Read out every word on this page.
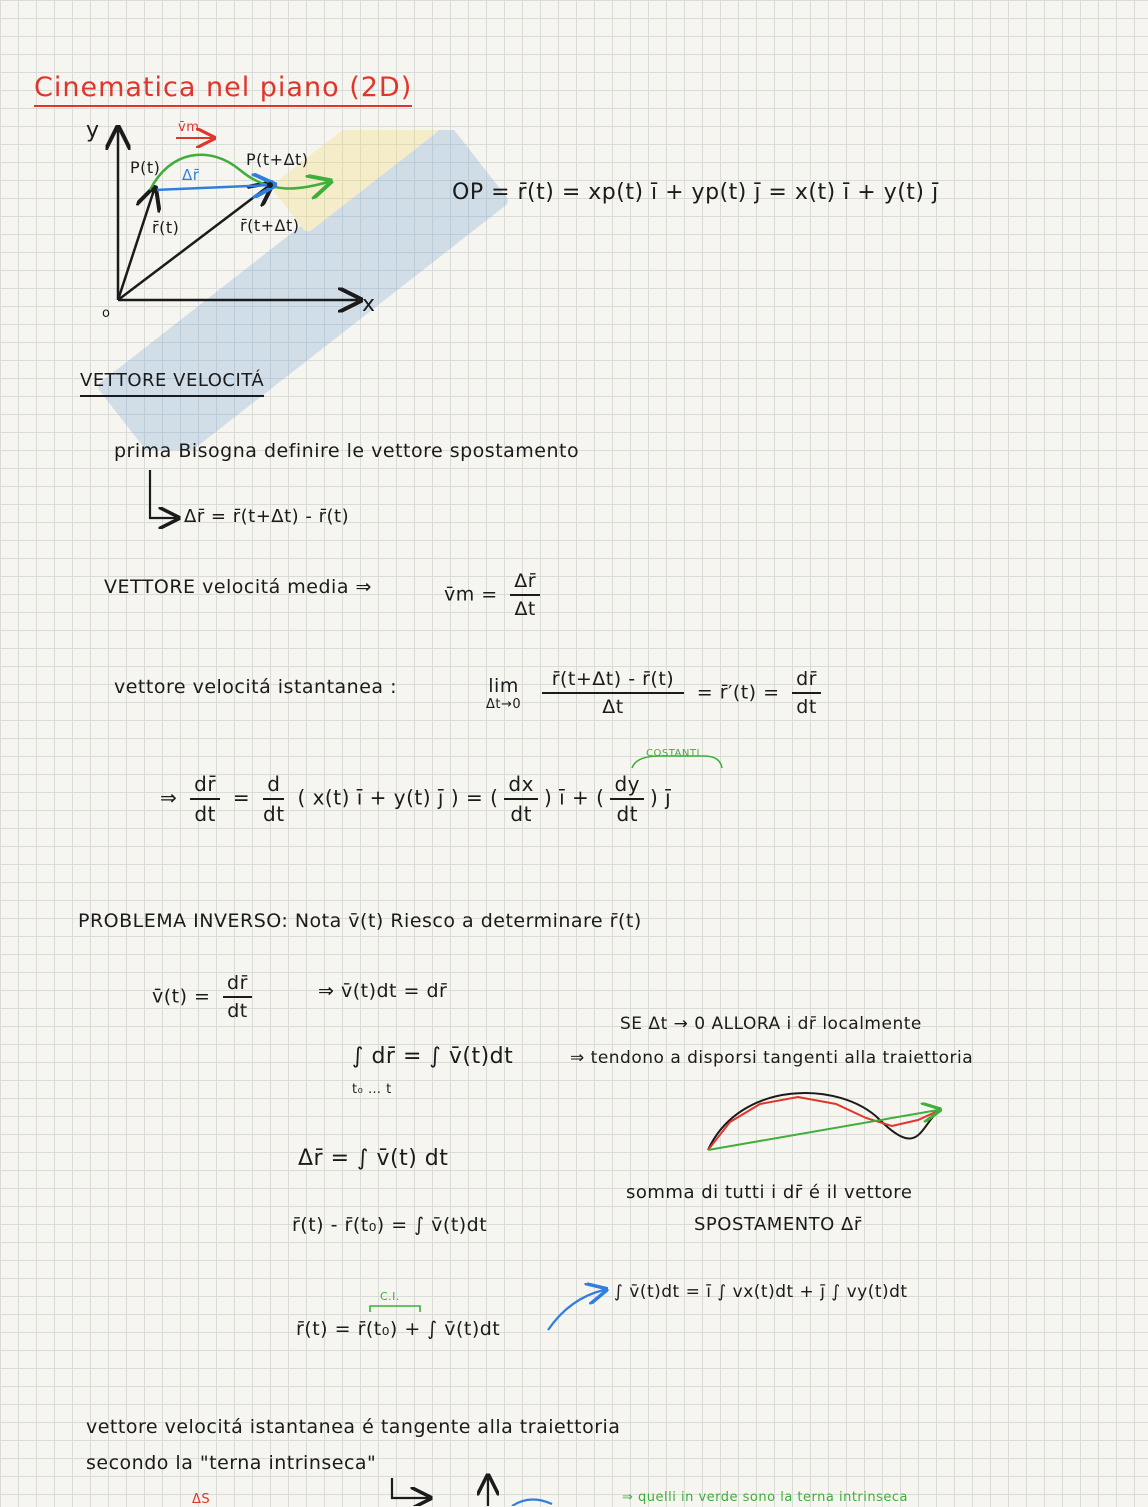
Cinematica nel piano (2D)
y
x
o
v̄m
P(t)	P(t+Δt)
Δr̄
r̄(t)	r̄(t+Δt)
OP = r̄(t) = xp(t) ī + yp(t) j̄ = x(t) ī + y(t) j̄
VETTORE VELOCITÁ
prima Bisogna definire le vettore spostamento
Δr̄ = r̄(t+Δt) - r̄(t)
VETTORE velocitá media ⇒	v̄m = $\frac{\Delta r̄}{\Delta t}$
vettore velocitá istantanea :	lim
Δt→0
$\frac{r̄(t+\Delta t) - r̄(t)}{\Delta t}$ = r̄′(t) = $\frac{dr̄}{dt}$
⇒ $\frac{dr̄}{dt} = \frac{d}{dt}$ ( x(t) ī + y(t) j̄ ) = ( $\frac{dx}{dt}$ ) ī + ( $\frac{dy}{dt}$ ) j̄
COSTANTI
PROBLEMA INVERSO: Nota v̄(t) Riesco a determinare r̄(t)
v̄(t) = $\frac{dr̄}{dt}$	⇒ v̄(t)dt = dr̄
∫ dr̄ = ∫ v̄(t)dt
t₀ … t
SE Δt → 0 ALLORA i dr̄ localmente
⇒ tendono a disporsi tangenti alla traiettoria
Δr̄ = ∫ v̄(t) dt
somma di tutti i dr̄ é il vettore
SPOSTAMENTO Δr̄
r̄(t) - r̄(t₀) = ∫ v̄(t)dt
C.I.
r̄(t) = r̄(t₀) + ∫ v̄(t)dt
∫ v̄(t)dt = ī ∫ vx(t)dt + j̄ ∫ vy(t)dt
vettore velocitá istantanea é tangente alla traiettoria
secondo la "terna intrinseca"
ΔS	⇒ quelli in verde sono la terna intrinseca
